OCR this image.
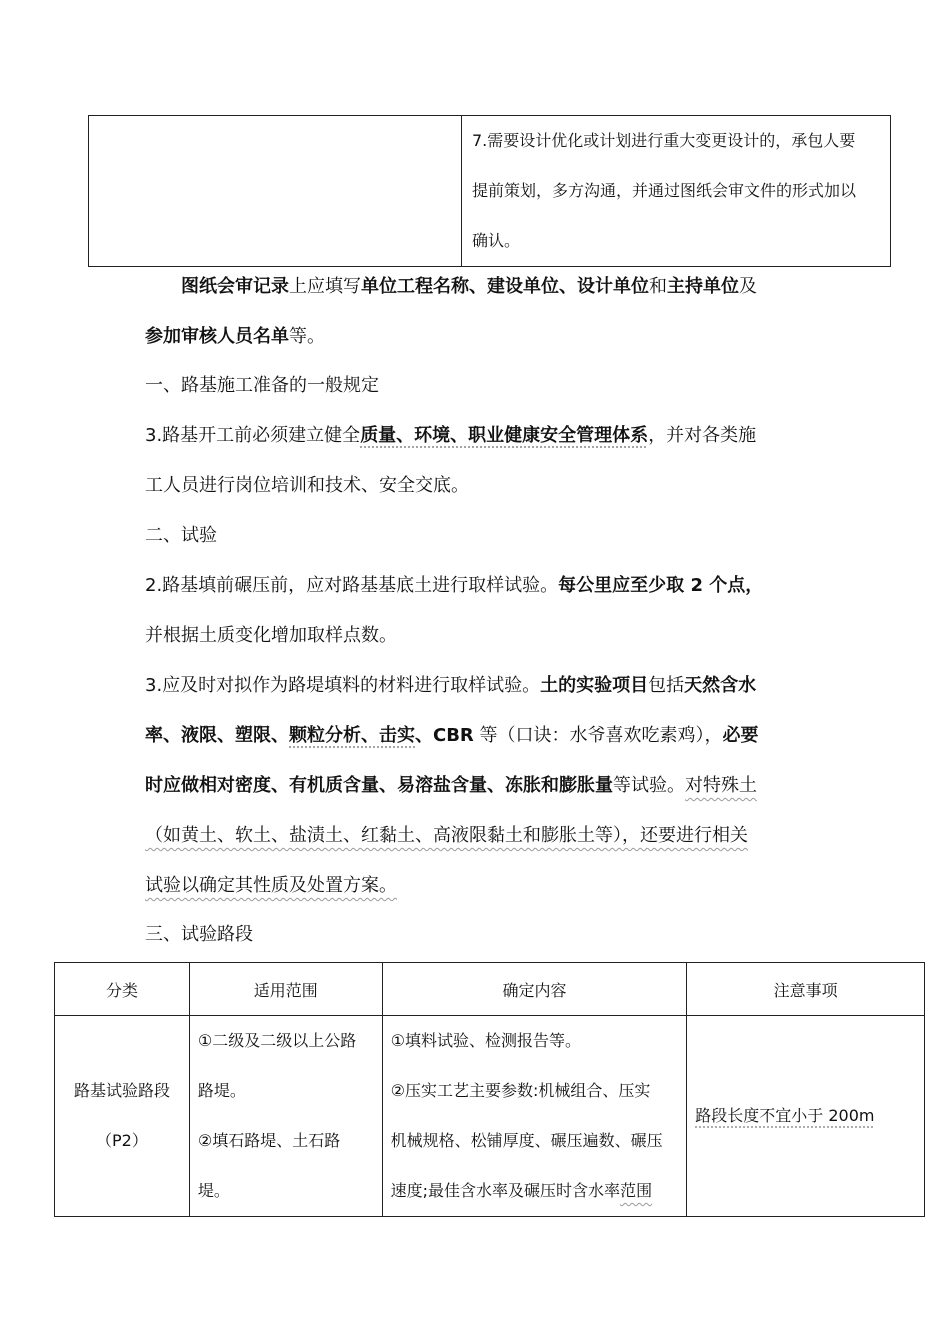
7.需要设计优化或计划进行重大变更设计的，承包人要
提前策划，多方沟通，并通过图纸会审文件的形式加以
确认。
图纸会审记录上应填写单位工程名称、建设单位、设计单位和主持单位及
参加审核人员名单等。
一、路基施工准备的一般规定
3.路基开工前必须建立健全质量、环境、职业健康安全管理体系，并对各类施
工人员进行岗位培训和技术、安全交底。
二、试验
2.路基填前碾压前，应对路基基底土进行取样试验。每公里应至少取 2 个点，
并根据土质变化增加取样点数。
3.应及时对拟作为路堤填料的材料进行取样试验。土的实验项目包括天然含水
率、液限、塑限、颗粒分析、击实、CBR 等（口诀：水爷喜欢吃素鸡），必要
时应做相对密度、有机质含量、易溶盐含量、冻胀和膨胀量等试验。对特殊土
（如黄土、软土、盐渍土、红黏土、高液限黏土和膨胀土等），还要进行相关
试验以确定其性质及处置方案。
三、试验路段
分类	适用范围	确定内容	注意事项

路基试验路段
（P2）	①二级及二级以上公路
路堤。
②填石路堤、土石路
堤。	①填料试验、检测报告等。
②压实工艺主要参数:机械组合、压实
机械规格、松铺厚度、碾压遍数、碾压
速度;最佳含水率及碾压时含水率范围	路段长度不宜小于 200m
